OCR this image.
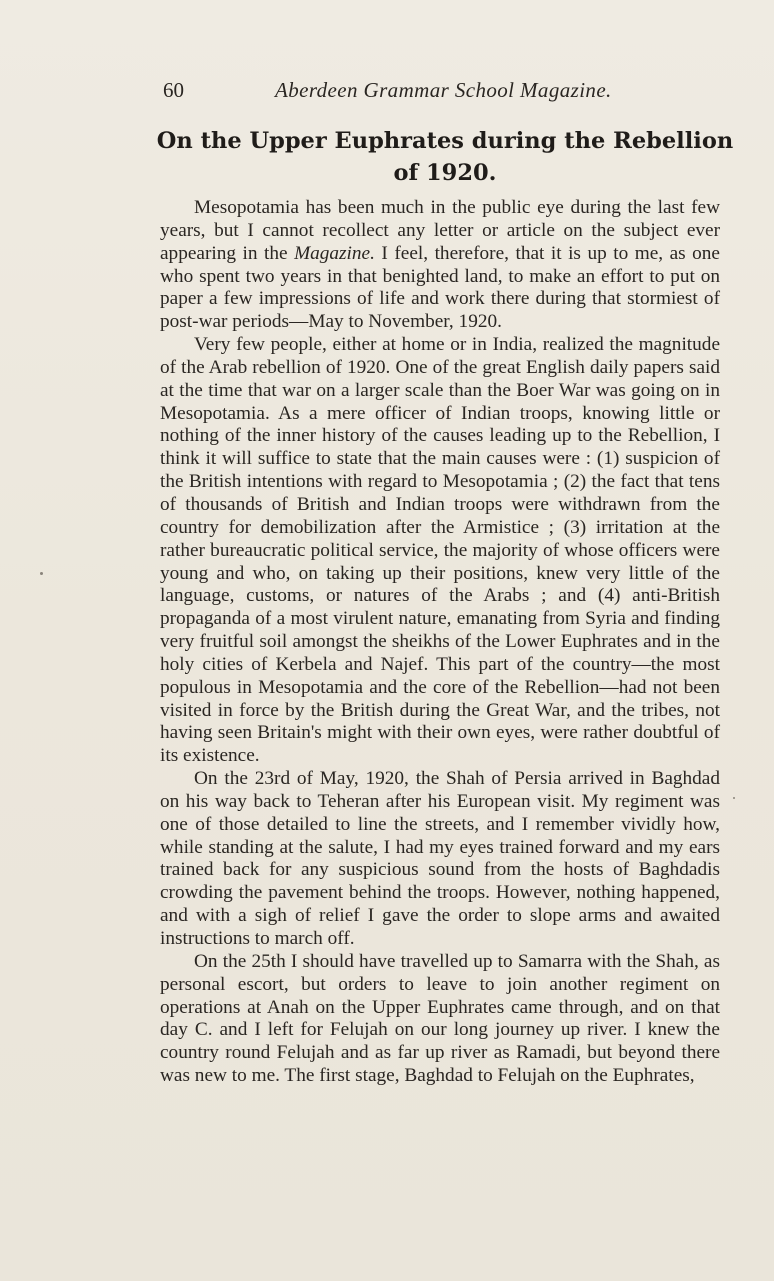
60	Aberdeen Grammar School Magazine.
On the Upper Euphrates during the Rebellion
of 1920.

Mesopotamia has been much in the public eye during the last few years, but I cannot recollect any letter or article on the subject ever appearing in the Magazine. I feel, therefore, that it is up to me, as one who spent two years in that benighted land, to make an effort to put on paper a few impressions of life and work there during that stormiest of post-war periods—May to November, 1920.

Very few people, either at home or in India, realized the magnitude of the Arab rebellion of 1920. One of the great English daily papers said at the time that war on a larger scale than the Boer War was going on in Mesopotamia. As a mere officer of Indian troops, knowing little or nothing of the inner history of the causes leading up to the Rebellion, I think it will suffice to state that the main causes were : (1) suspicion of the British intentions with regard to Mesopotamia ; (2) the fact that tens of thousands of British and Indian troops were withdrawn from the country for demobilization after the Armistice ; (3) irritation at the rather bureaucratic political service, the majority of whose officers were young and who, on taking up their positions, knew very little of the language, customs, or natures of the Arabs ; and (4) anti-British propaganda of a most virulent nature, emanating from Syria and finding very fruitful soil amongst the sheikhs of the Lower Euphrates and in the holy cities of Kerbela and Najef. This part of the country—the most populous in Mesopotamia and the core of the Rebellion—had not been visited in force by the British during the Great War, and the tribes, not having seen Britain's might with their own eyes, were rather doubtful of its existence.

On the 23rd of May, 1920, the Shah of Persia arrived in Baghdad on his way back to Teheran after his European visit. My regiment was one of those detailed to line the streets, and I remember vividly how, while standing at the salute, I had my eyes trained forward and my ears trained back for any suspicious sound from the hosts of Baghdadis crowding the pavement behind the troops. However, nothing happened, and with a sigh of relief I gave the order to slope arms and awaited instructions to march off.

On the 25th I should have travelled up to Samarra with the Shah, as personal escort, but orders to leave to join another regiment on operations at Anah on the Upper Euphrates came through, and on that day C. and I left for Felujah on our long journey up river. I knew the country round Felujah and as far up river as Ramadi, but beyond there was new to me. The first stage, Baghdad to Felujah on the Euphrates,
